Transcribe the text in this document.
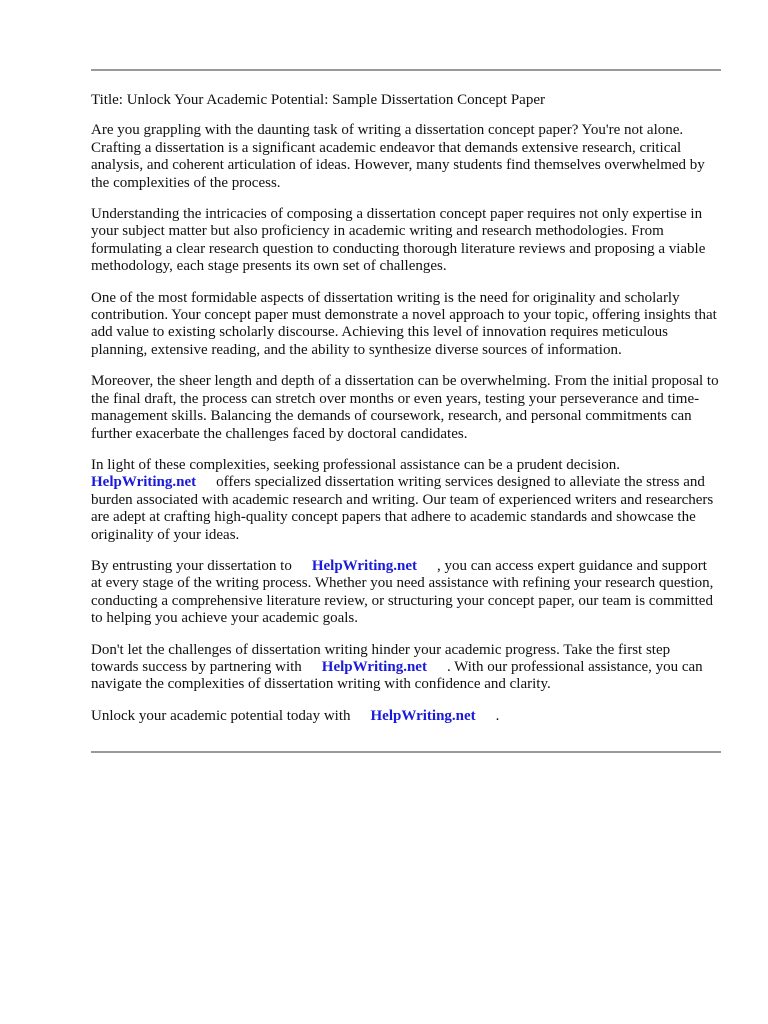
Title: Unlock Your Academic Potential: Sample Dissertation Concept Paper

Are you grappling with the daunting task of writing a dissertation concept paper? You're not alone. Crafting a dissertation is a significant academic endeavor that demands extensive research, critical analysis, and coherent articulation of ideas. However, many students find themselves overwhelmed by the complexities of the process.

Understanding the intricacies of composing a dissertation concept paper requires not only expertise in your subject matter but also proficiency in academic writing and research methodologies. From formulating a clear research question to conducting thorough literature reviews and proposing a viable methodology, each stage presents its own set of challenges.

One of the most formidable aspects of dissertation writing is the need for originality and scholarly contribution. Your concept paper must demonstrate a novel approach to your topic, offering insights that add value to existing scholarly discourse. Achieving this level of innovation requires meticulous planning, extensive reading, and the ability to synthesize diverse sources of information.

Moreover, the sheer length and depth of a dissertation can be overwhelming. From the initial proposal to the final draft, the process can stretch over months or even years, testing your perseverance and time-management skills. Balancing the demands of coursework, research, and personal commitments can further exacerbate the challenges faced by doctoral candidates.

In light of these complexities, seeking professional assistance can be a prudent decision. HelpWriting.net offers specialized dissertation writing services designed to alleviate the stress and burden associated with academic research and writing. Our team of experienced writers and researchers are adept at crafting high-quality concept papers that adhere to academic standards and showcase the originality of your ideas.

By entrusting your dissertation to HelpWriting.net , you can access expert guidance and support at every stage of the writing process. Whether you need assistance with refining your research question, conducting a comprehensive literature review, or structuring your concept paper, our team is committed to helping you achieve your academic goals.

Don't let the challenges of dissertation writing hinder your academic progress. Take the first step towards success by partnering with HelpWriting.net . With our professional assistance, you can navigate the complexities of dissertation writing with confidence and clarity.

Unlock your academic potential today with HelpWriting.net .
